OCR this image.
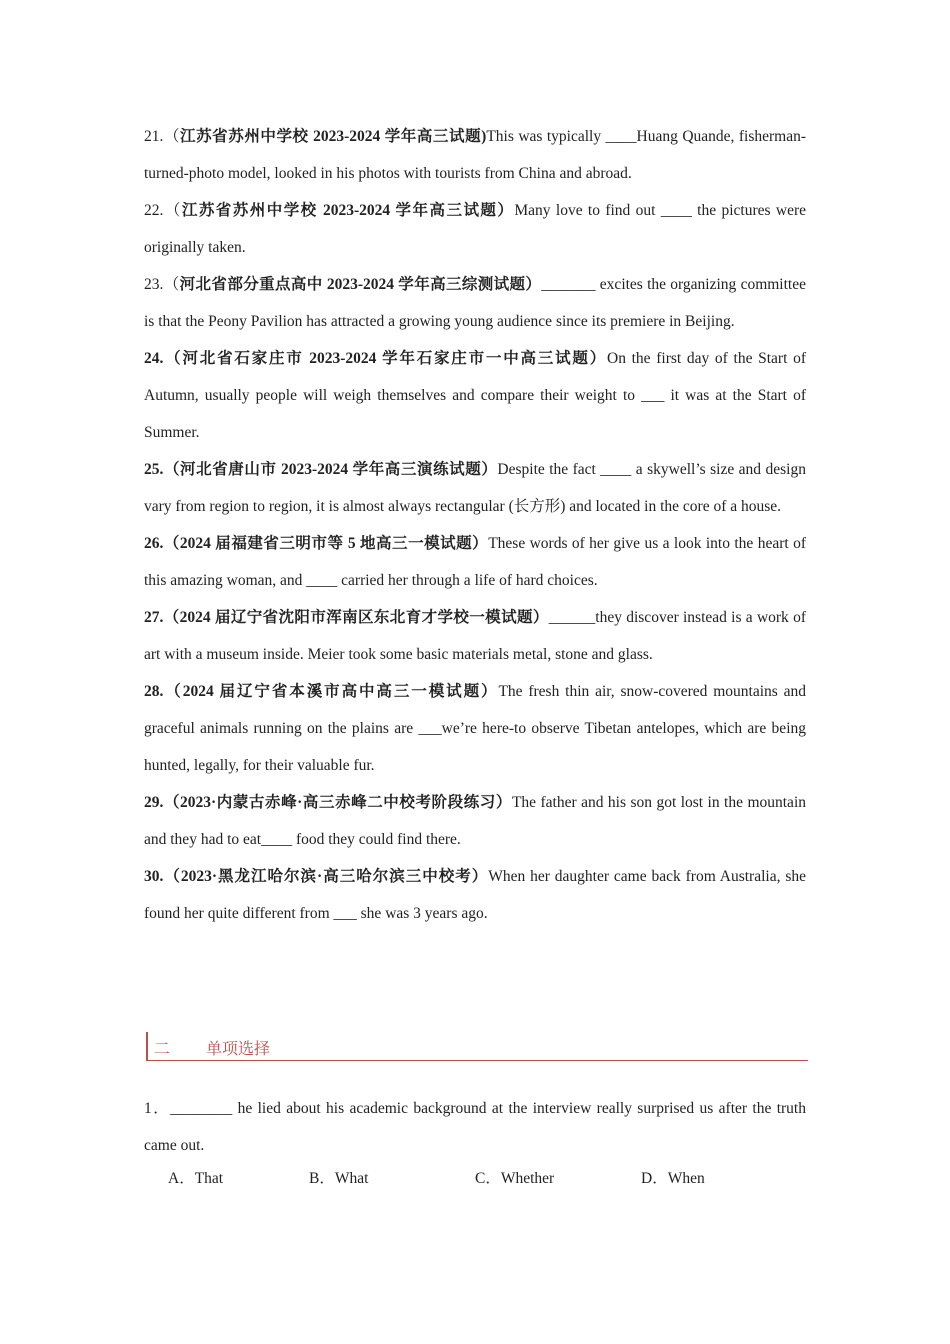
21.（江苏省苏州中学校 2023-2024 学年高三试题)This was typically ____Huang Quande, fisherman-turned-photo model, looked in his photos with tourists from China and abroad.

22.（江苏省苏州中学校 2023-2024 学年高三试题）Many love to find out ____ the pictures were originally taken.

23.（河北省部分重点高中 2023-2024 学年高三综测试题）_______ excites the organizing committee is that the Peony Pavilion has attracted a growing young audience since its premiere in Beijing.

24.（河北省石家庄市 2023-2024 学年石家庄市一中高三试题）On the first day of the Start of Autumn, usually people will weigh themselves and compare their weight to ___ it was at the Start of Summer.

25.（河北省唐山市 2023-2024 学年高三演练试题）Despite the fact ____ a skywell’s size and design vary from region to region, it is almost always rectangular (长方形) and located in the core of a house.

26.（2024 届福建省三明市等 5 地高三一模试题）These words of her give us a look into the heart of this amazing woman, and ____ carried her through a life of hard choices.

27.（2024 届辽宁省沈阳市浑南区东北育才学校一模试题）______they discover instead is a work of art with a museum inside. Meier took some basic materials metal, stone and glass.

28.（2024 届辽宁省本溪市高中高三一模试题）The fresh thin air, snow-covered mountains and graceful animals running on the plains are ___we’re here-to observe Tibetan antelopes, which are being hunted, legally, for their valuable fur.

29.（2023·内蒙古赤峰·高三赤峰二中校考阶段练习）The father and his son got lost in the mountain and they had to eat____ food they could find there.

30.（2023·黑龙江哈尔滨·高三哈尔滨三中校考）When her daughter came back from Australia, she found her quite different from ___ she was 3 years ago.

二 单项选择

1．________ he lied about his academic background at the interview really surprised us after the truth came out.

A．That	B．What	C．Whether	D．When
